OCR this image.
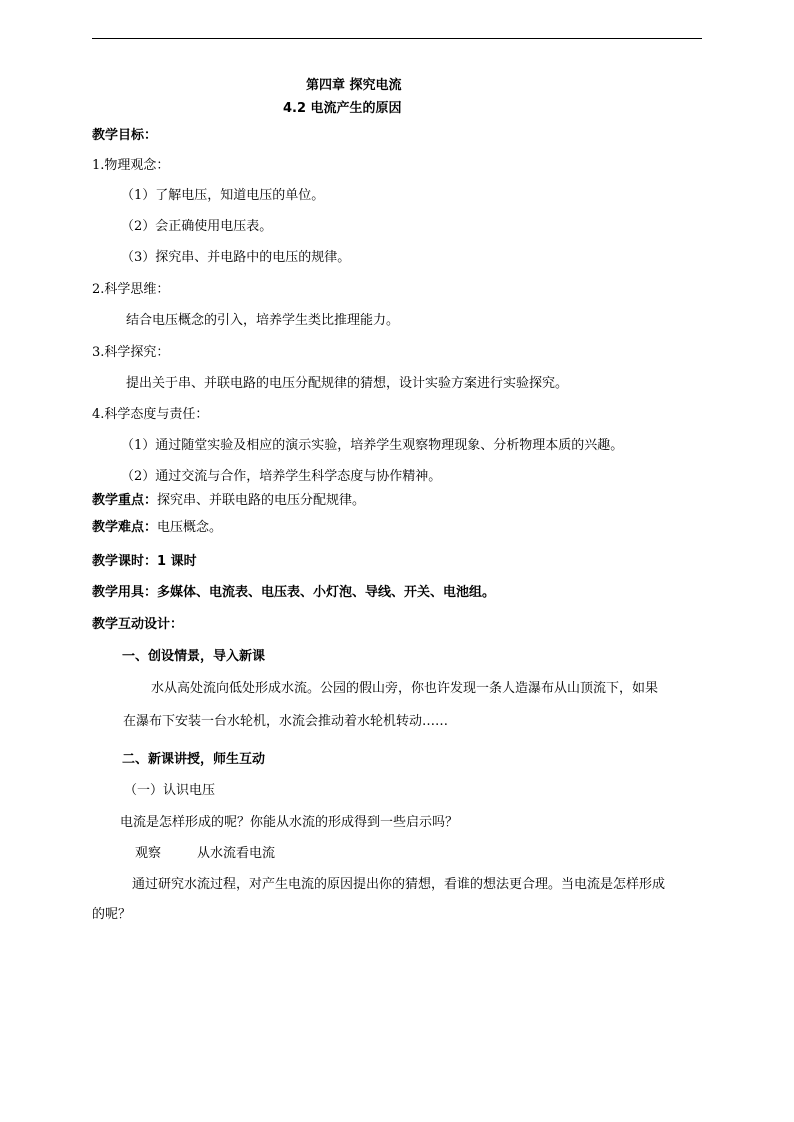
第四章 探究电流
4.2 电流产生的原因
教学目标：
1.物理观念：
（1）了解电压，知道电压的单位。
（2）会正确使用电压表。
（3）探究串、并电路中的电压的规律。
2.科学思维：
结合电压概念的引入，培养学生类比推理能力。
3.科学探究：
提出关于串、并联电路的电压分配规律的猜想，设计实验方案进行实验探究。
4.科学态度与责任：
（1）通过随堂实验及相应的演示实验，培养学生观察物理现象、分析物理本质的兴趣。
（2）通过交流与合作，培养学生科学态度与协作精神。
教学重点：探究串、并联电路的电压分配规律。
教学难点：电压概念。
教学课时：1 课时
教学用具：多媒体、电流表、电压表、小灯泡、导线、开关、电池组。
教学互动设计：
一、创设情景，导入新课
水从高处流向低处形成水流。公园的假山旁，你也许发现一条人造瀑布从山顶流下，如果
在瀑布下安装一台水轮机，水流会推动着水轮机转动……
二、新课讲授，师生互动
（一）认识电压
电流是怎样形成的呢？你能从水流的形成得到一些启示吗？
观察	从水流看电流
通过研究水流过程，对产生电流的原因提出你的猜想，看谁的想法更合理。当电流是怎样形成
的呢？
